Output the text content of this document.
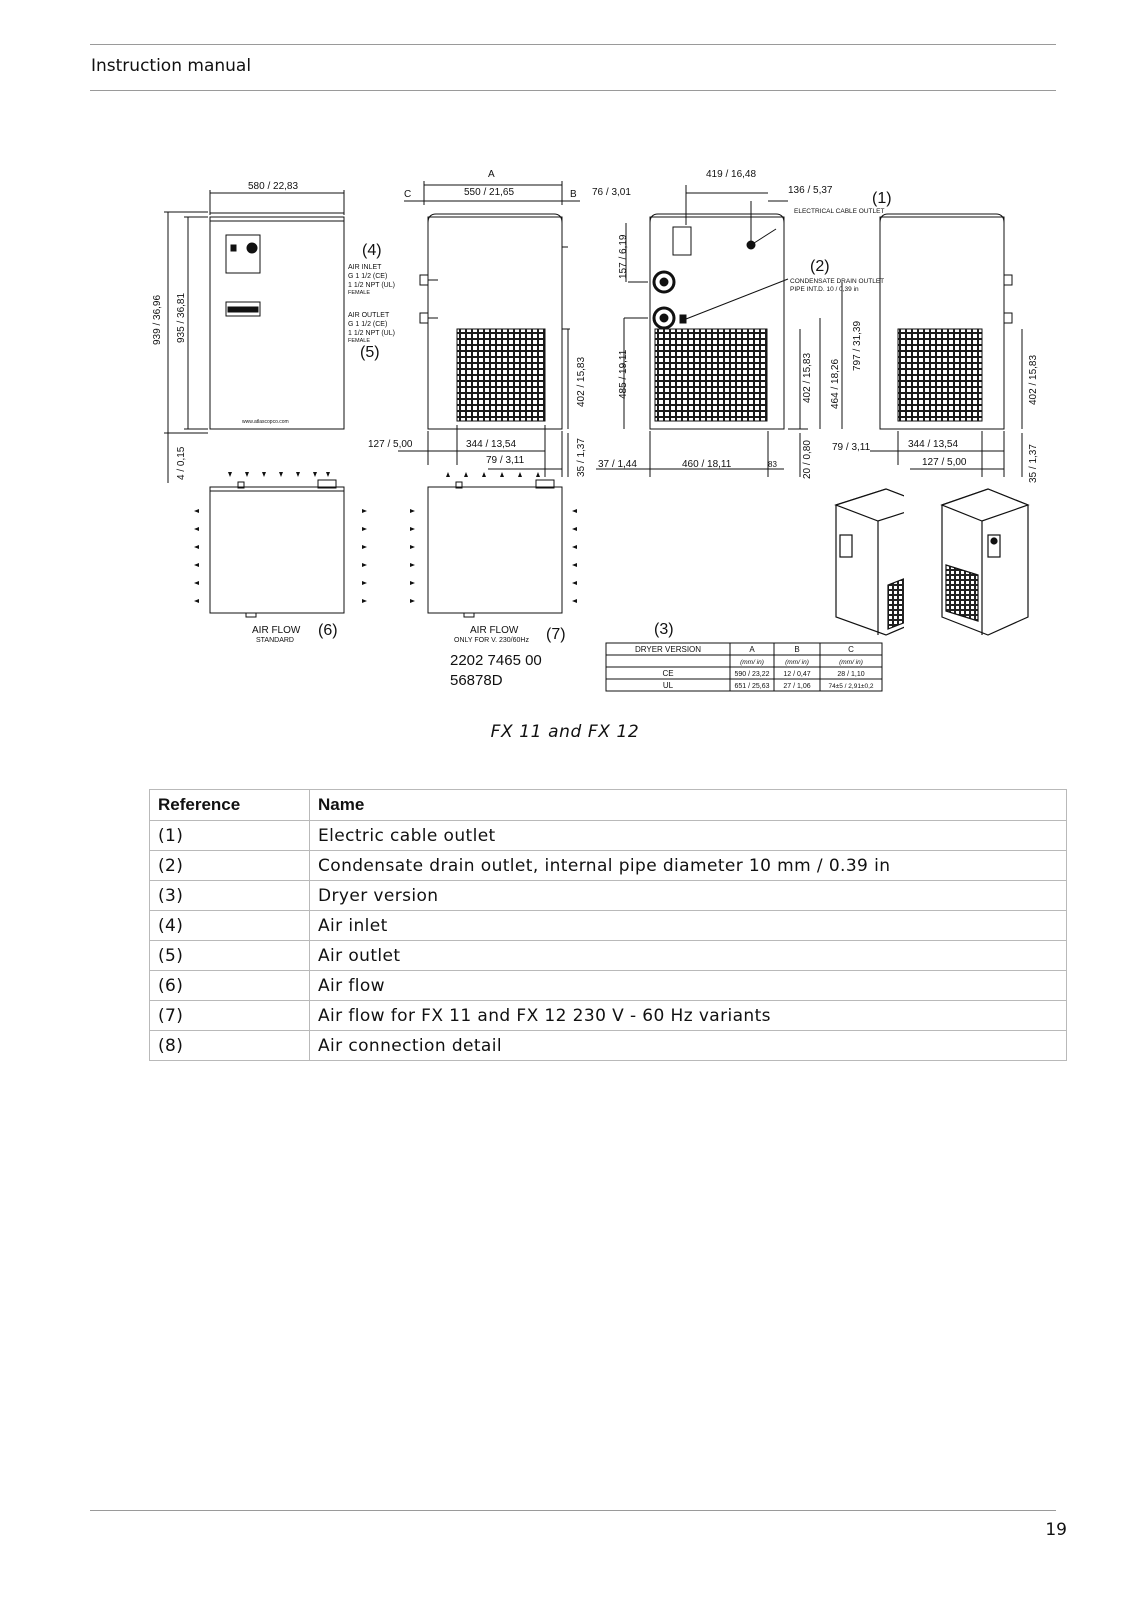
Instruction manual
580 / 22,83
A
C	550 / 21,65	B 76 / 3,01
419 / 16,48
136 / 5,37
127 / 5,00	344 / 13,54
79 / 3,11	37 / 1,44	460 / 18,11	83
79 / 3,11
939 / 36,96 935 / 36,81
4 / 0,15
402 / 15,83
35 / 1,37
157 / 6,19
485 / 19,11
20 / 0,80
402 / 15,83 464 / 18,26
797 / 31,39
(1)
(2)
(4)
(5)
(6)	(7)	(3)
ELECTRICAL CABLE OUTLET
CONDENSATE DRAIN OUTLET
PIPE INT.D. 10 / 0,39 in
AIR INLET
G 1 1/2 (CE)
1 1/2 NPT (UL)
FEMALE
AIR OUTLET
G 1 1/2 (CE)
1 1/2 NPT (UL)
FEMALE
www.atlascopco.com
AIR FLOW
STANDARD
AIR FLOW
ONLY FOR V. 230/60Hz
2202 7465 00
56878D
DRYER VERSION	A	B	C
(mm/ in)	(mm/ in)	(mm/ in)
CE	590 / 23,22 12 / 0,47	28 / 1,10
UL	651 / 25,63 27 / 1,06	74±5 / 2,91±0,2
344 / 13,54
127 / 5,00
402 / 15,83
35 / 1,37
FX 11 and FX 12
Reference	Name
(1)	Electric cable outlet
(2)	Condensate drain outlet, internal pipe diameter 10 mm / 0.39 in
(3)	Dryer version
(4)	Air inlet
(5)	Air outlet
(6)	Air flow
(7)	Air flow for FX 11 and FX 12 230 V - 60 Hz variants
(8)	Air connection detail
19
